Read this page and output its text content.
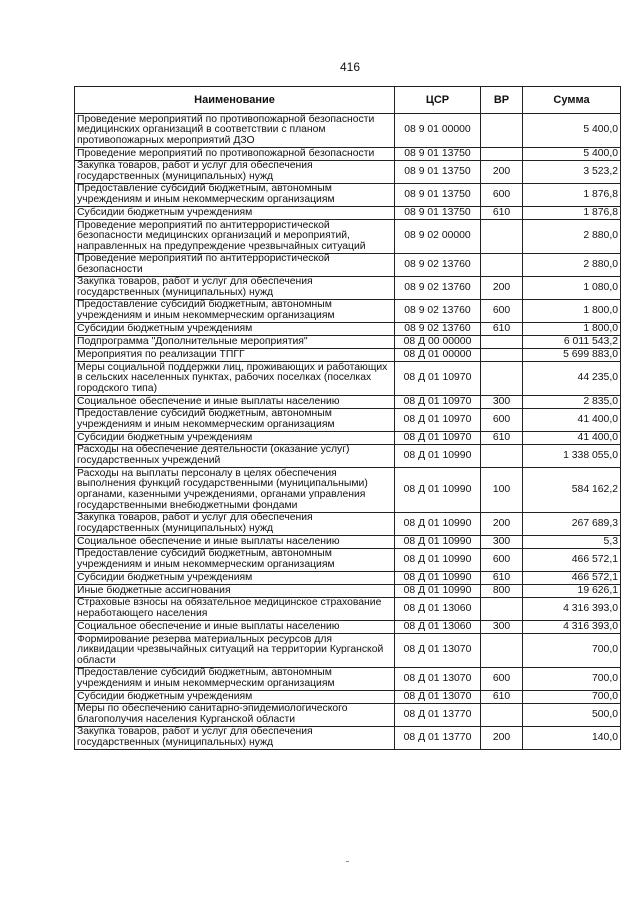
416
Наименование	ЦСР	ВР	Сумма
Проведение мероприятий по противопожарной безопасности медицинских организаций в соответствии с планом противопожарных мероприятий ДЗО	08 9 01 00000		5 400,0
Проведение мероприятий по противопожарной безопасности	08 9 01 13750		5 400,0
Закупка товаров, работ и услуг для обеспечения государственных (муниципальных) нужд	08 9 01 13750	200	3 523,2
Предоставление субсидий бюджетным, автономным учреждениям и иным некоммерческим организациям	08 9 01 13750	600	1 876,8
Субсидии бюджетным учреждениям	08 9 01 13750	610	1 876,8
Проведение мероприятий по антитеррористической безопасности медицинских организаций и мероприятий, направленных на предупреждение чрезвычайных ситуаций	08 9 02 00000		2 880,0
Проведение мероприятий по антитеррористической безопасности	08 9 02 13760		2 880,0
Закупка товаров, работ и услуг для обеспечения государственных (муниципальных) нужд	08 9 02 13760	200	1 080,0
Предоставление субсидий бюджетным, автономным учреждениям и иным некоммерческим организациям	08 9 02 13760	600	1 800,0
Субсидии бюджетным учреждениям	08 9 02 13760	610	1 800,0
Подпрограмма "Дополнительные мероприятия"	08 Д 00 00000		6 011 543,2
Мероприятия по реализации ТПГГ	08 Д 01 00000		5 699 883,0
Меры социальной поддержки лиц, проживающих и работающих в сельских населенных пунктах, рабочих поселках (поселках городского типа)	08 Д 01 10970		44 235,0
Социальное обеспечение и иные выплаты населению	08 Д 01 10970	300	2 835,0
Предоставление субсидий бюджетным, автономным учреждениям и иным некоммерческим организациям	08 Д 01 10970	600	41 400,0
Субсидии бюджетным учреждениям	08 Д 01 10970	610	41 400,0
Расходы на обеспечение деятельности (оказание услуг) государственных учреждений	08 Д 01 10990		1 338 055,0
Расходы на выплаты персоналу в целях обеспечения выполнения функций государственными (муниципальными) органами, казенными учреждениями, органами управления государственными внебюджетными фондами	08 Д 01 10990	100	584 162,2
Закупка товаров, работ и услуг для обеспечения государственных (муниципальных) нужд	08 Д 01 10990	200	267 689,3
Социальное обеспечение и иные выплаты населению	08 Д 01 10990	300	5,3
Предоставление субсидий бюджетным, автономным учреждениям и иным некоммерческим организациям	08 Д 01 10990	600	466 572,1
Субсидии бюджетным учреждениям	08 Д 01 10990	610	466 572,1
Иные бюджетные ассигнования	08 Д 01 10990	800	19 626,1
Страховые взносы на обязательное медицинское страхование неработающего населения	08 Д 01 13060		4 316 393,0
Социальное обеспечение и иные выплаты населению	08 Д 01 13060	300	4 316 393,0
Формирование резерва материальных ресурсов для ликвидации чрезвычайных ситуаций на территории Курганской области	08 Д 01 13070		700,0
Предоставление субсидий бюджетным, автономным учреждениям и иным некоммерческим организациям	08 Д 01 13070	600	700,0
Субсидии бюджетным учреждениям	08 Д 01 13070	610	700,0
Меры по обеспечению санитарно-эпидемиологического благополучия населения Курганской области	08 Д 01 13770		500,0
Закупка товаров, работ и услуг для обеспечения государственных (муниципальных) нужд	08 Д 01 13770	200	140,0
